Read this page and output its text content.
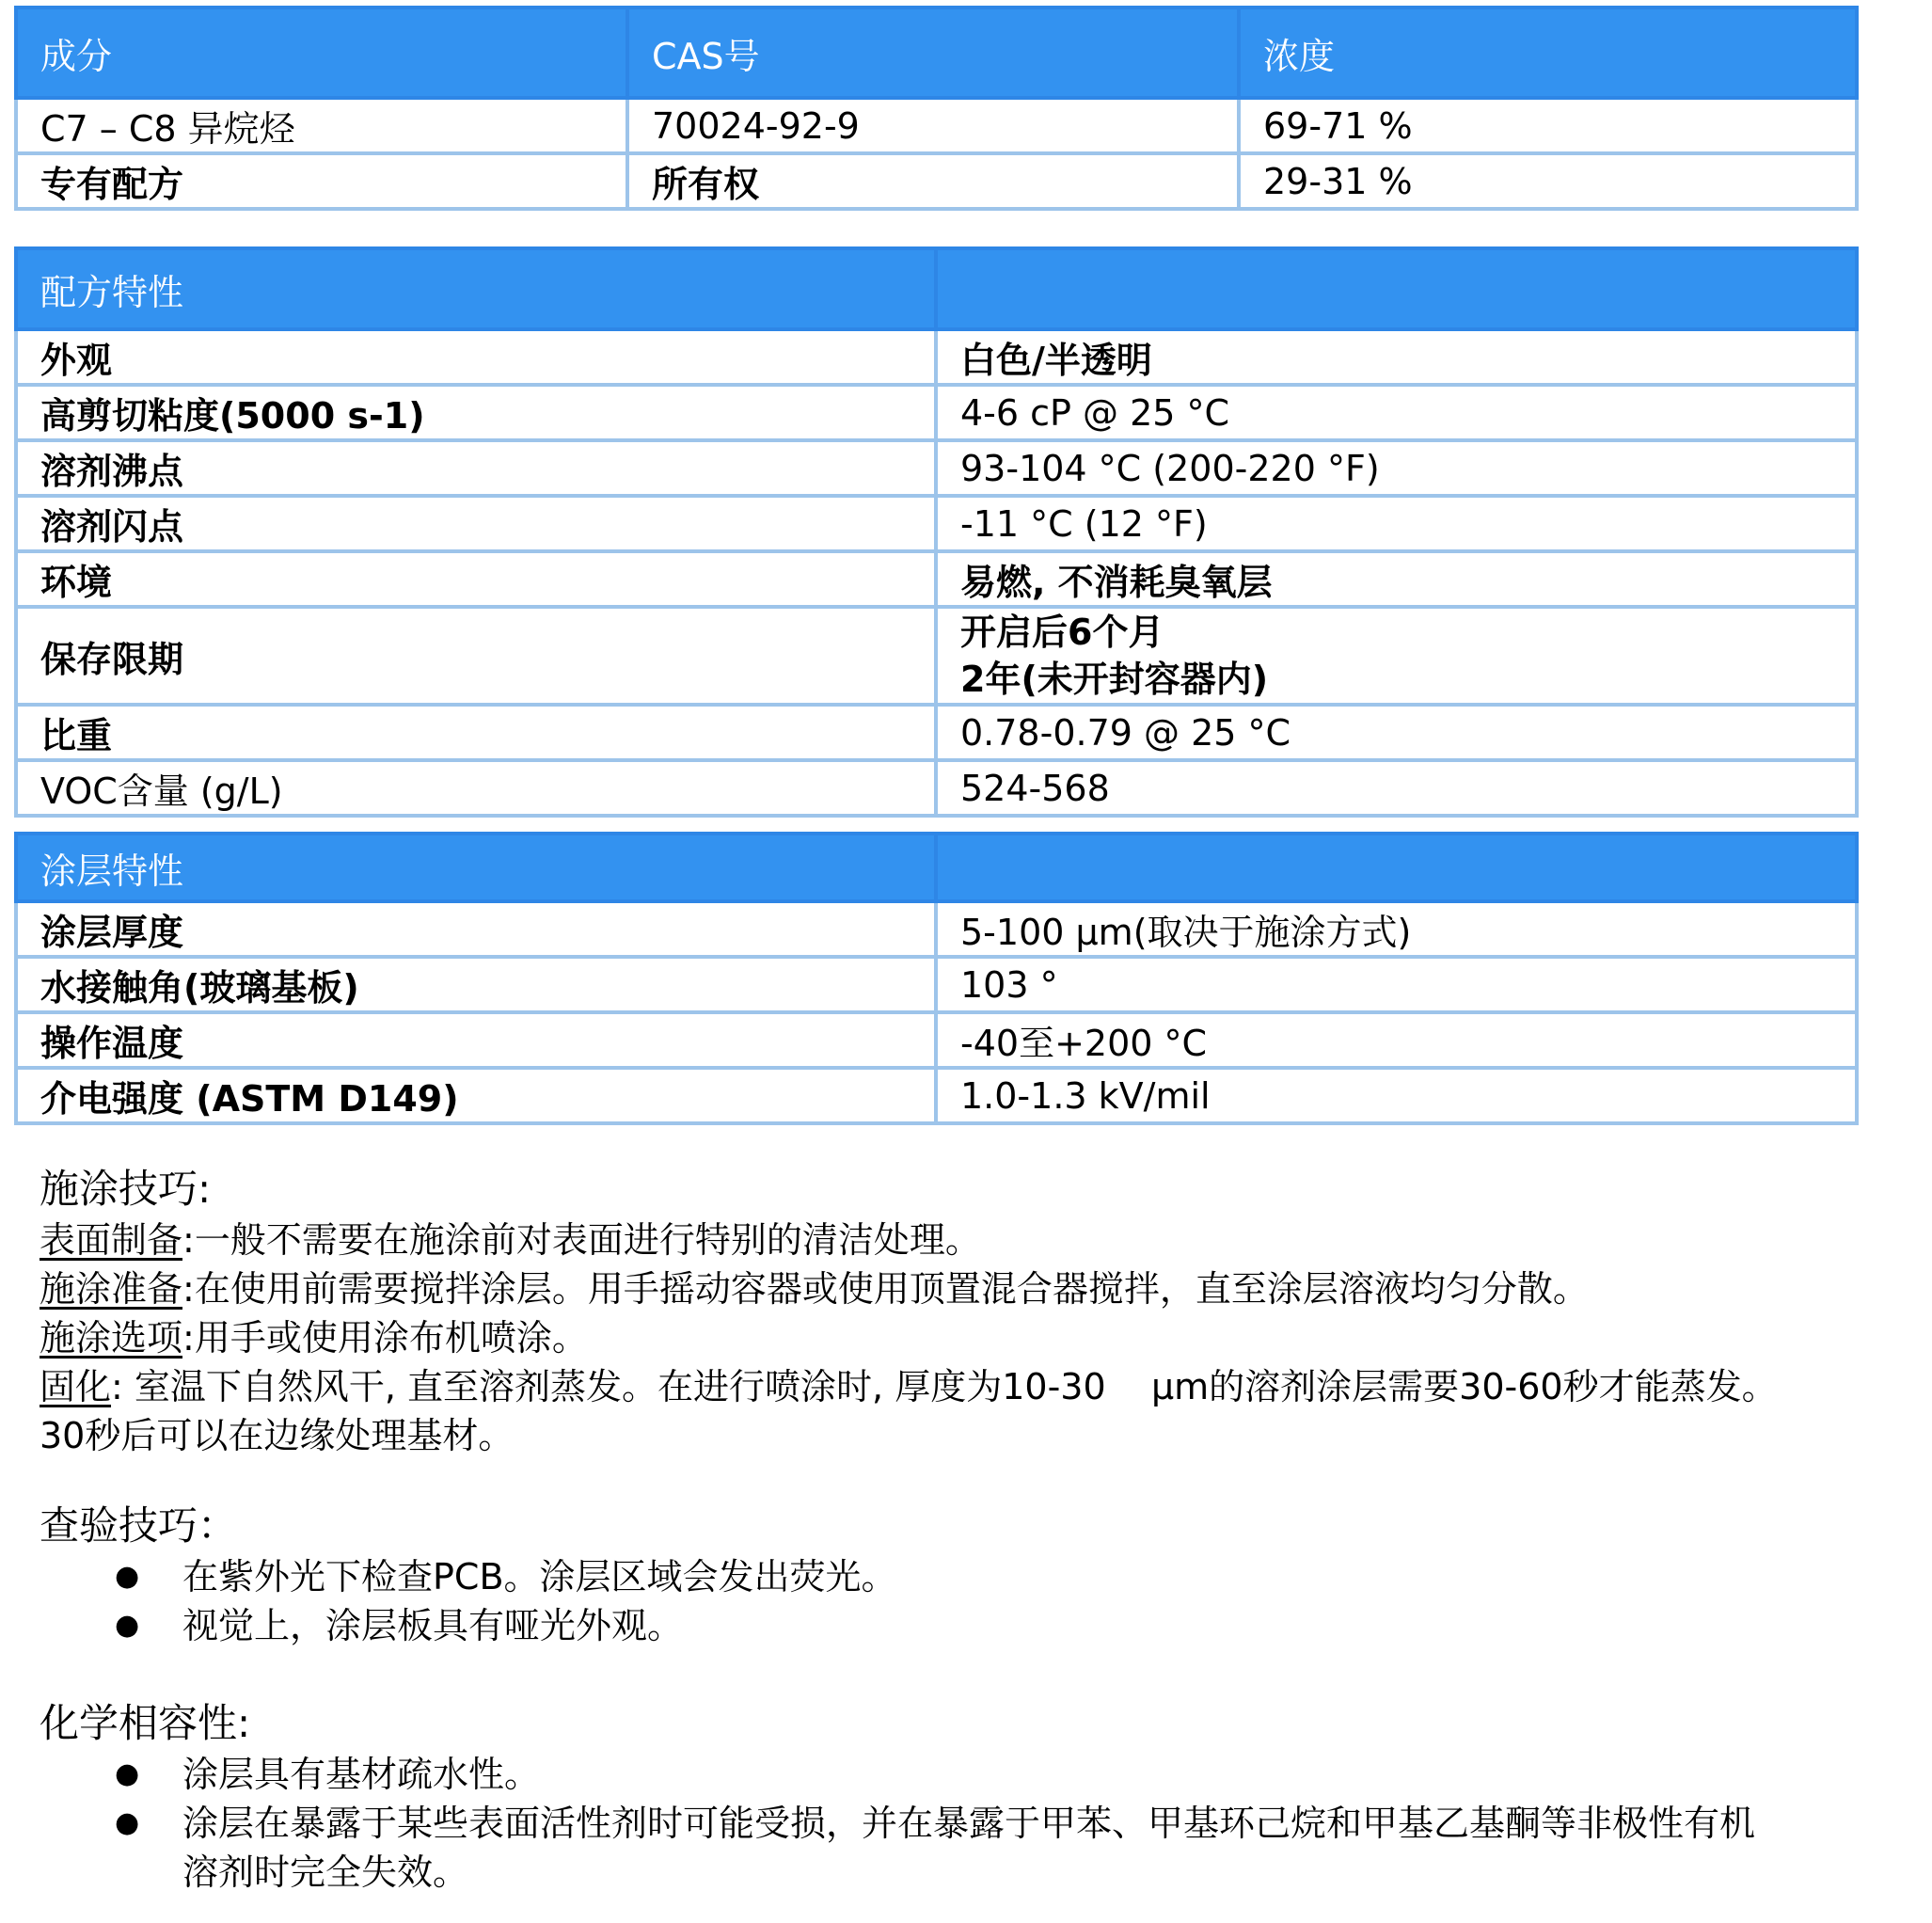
成分	CAS号	浓度
C7 – C8 异烷烃	70024-92-9	69-71 %
专有配方	所有权	29-31 %
配方特性	
外观	白色/半透明
高剪切粘度(5000 s-1)	4-6 cP @ 25 °C
溶剂沸点	93-104 °C (200-220 °F)
溶剂闪点	-11 °C (12 °F)
环境	易燃, 不消耗臭氧层
保存限期	开启后6个月
2年(未开封容器内)

比重	0.78-0.79 @ 25 °C
VOC含量 (g/L)	524-568
涂层特性	
涂层厚度	5-100 μm(取决于施涂方式)
水接触角(玻璃基板)	103 °
操作温度	-40至+200 °C
介电强度 (ASTM D149)	1.0-1.3 kV/mil

施涂技巧:

表面制备:一般不需要在施涂前对表面进行特别的清洁处理。

施涂准备:在使用前需要搅拌涂层。用手摇动容器或使用顶置混合器搅拌，直至涂层溶液均匀分散。

施涂选项:用手或使用涂布机喷涂。

固化: 室温下自然风干, 直至溶剂蒸发。在进行喷涂时, 厚度为10-30    μm的溶剂涂层需要30-60秒才能蒸发。

30秒后可以在边缘处理基材。

查验技巧：

● 在紫外光下检查PCB。涂层区域会发出荧光。
● 视觉上，涂层板具有哑光外观。

化学相容性:

● 涂层具有基材疏水性。
● 涂层在暴露于某些表面活性剂时可能受损，并在暴露于甲苯、甲基环己烷和甲基乙基酮等非极性有机
溶剂时完全失效。
